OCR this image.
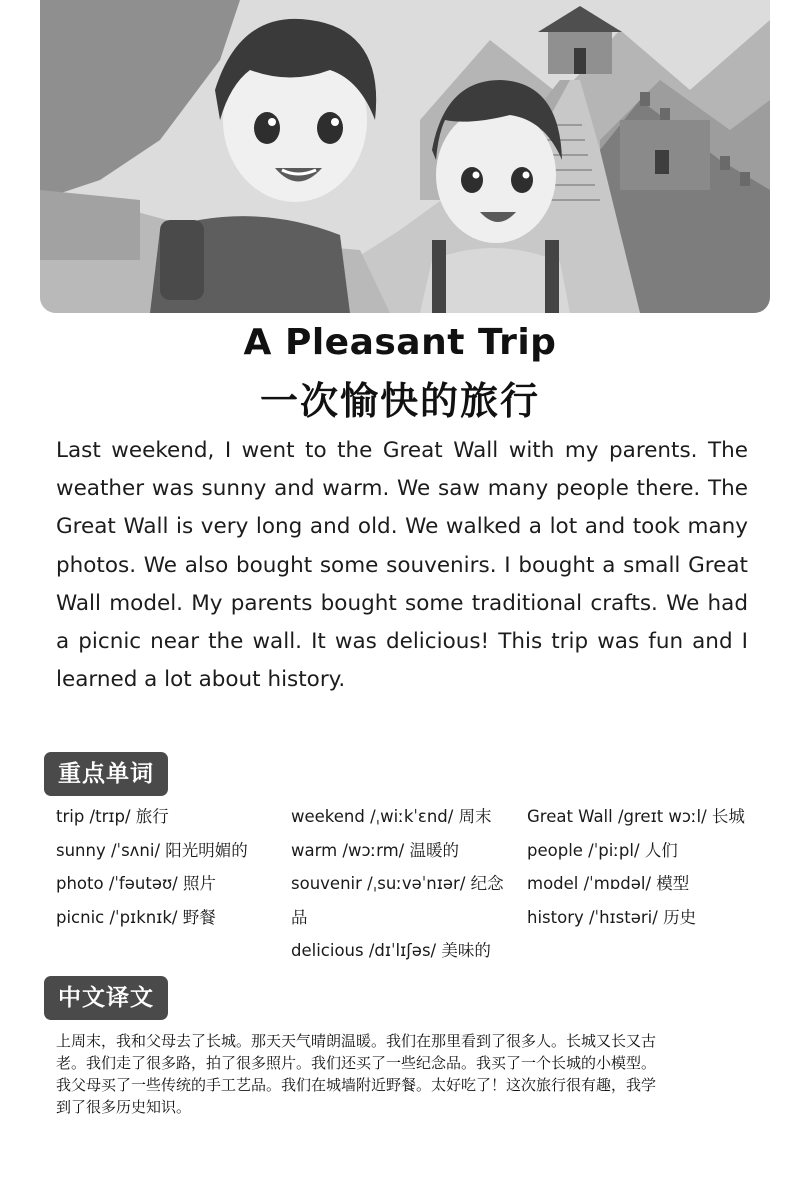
A Pleasant Trip
一次愉快的旅行

Last weekend, I went to the Great Wall with my parents. The weather was sunny and warm. We saw many people there. The Great Wall is very long and old. We walked a lot and took many photos. We also bought some souvenirs. I bought a small Great Wall model. My parents bought some traditional crafts. We had a picnic near the wall. It was delicious! This trip was fun and I learned a lot about history.

重点单词
trip /trɪp/ 旅行
sunny /ˈsʌni/ 阳光明媚的
photo /ˈfəutəʊ/ 照片
picnic /ˈpɪknɪk/ 野餐
weekend /ˌwiːkˈɛnd/ 周末
warm /wɔːrm/ 温暖的
souvenir /ˌsuːvəˈnɪər/ 纪念品
delicious /dɪˈlɪʃəs/ 美味的
Great Wall /greɪt wɔːl/ 长城
people /ˈpiːpl/ 人们
model /ˈmɒdəl/ 模型
history /ˈhɪstəri/ 历史
中文译文

上周末，我和父母去了长城。那天天气晴朗温暖。我们在那里看到了很多人。长城又长又古老。我们走了很多路，拍了很多照片。我们还买了一些纪念品。我买了一个长城的小模型。我父母买了一些传统的手工艺品。我们在城墙附近野餐。太好吃了！这次旅行很有趣，我学到了很多历史知识。
